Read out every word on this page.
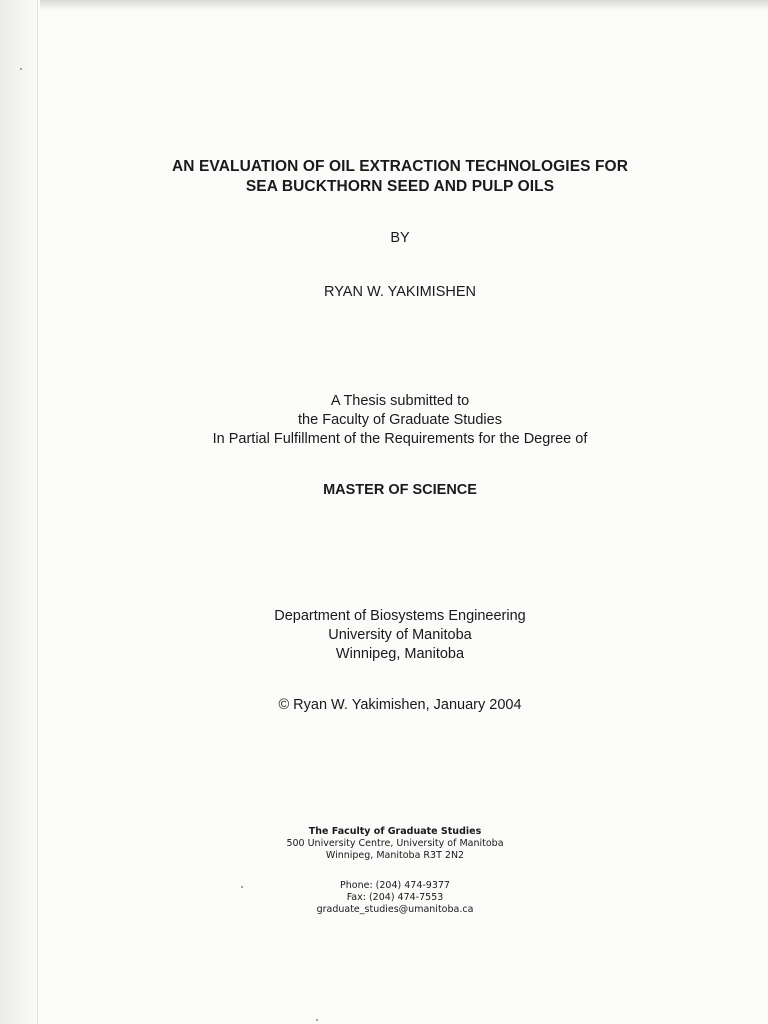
AN EVALUATION OF OIL EXTRACTION TECHNOLOGIES FOR
SEA BUCKTHORN SEED AND PULP OILS
BY
RYAN W. YAKIMISHEN
A Thesis submitted to
the Faculty of Graduate Studies
In Partial Fulfillment of the Requirements for the Degree of
MASTER OF SCIENCE
Department of Biosystems Engineering
University of Manitoba
Winnipeg, Manitoba
© Ryan W. Yakimishen, January 2004
The Faculty of Graduate Studies
500 University Centre, University of Manitoba
Winnipeg, Manitoba R3T 2N2
Phone: (204) 474-9377
Fax: (204) 474-7553
graduate_studies@umanitoba.ca
